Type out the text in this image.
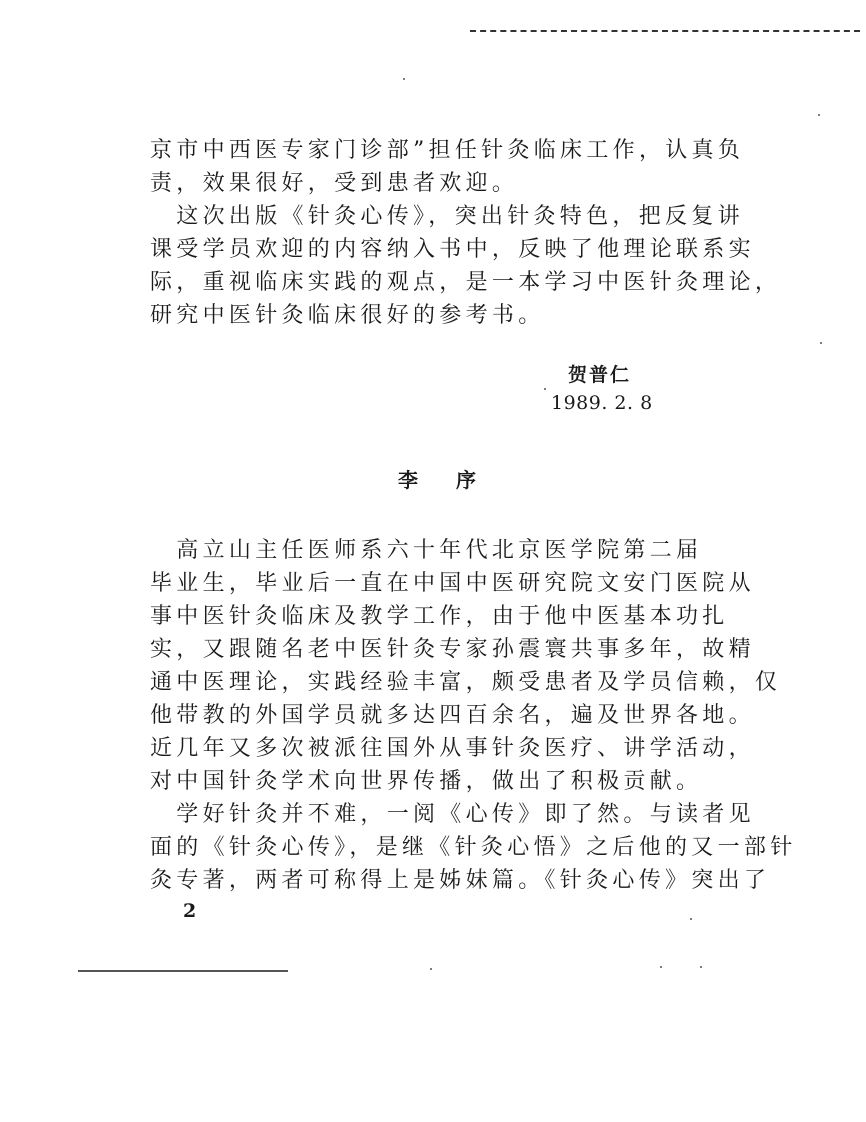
京市中西医专家门诊部”担任针灸临床工作，认真负
责，效果很好，受到患者欢迎。
　这次出版《针灸心传》，突出针灸特色，把反复讲
课受学员欢迎的内容纳入书中，反映了他理论联系实
际，重视临床实践的观点，是一本学习中医针灸理论，
研究中医针灸临床很好的参考书。
贺普仁
1989. 2. 8
李序
　高立山主任医师系六十年代北京医学院第二届
毕业生，毕业后一直在中国中医研究院文安门医院从
事中医针灸临床及教学工作，由于他中医基本功扎
实，又跟随名老中医针灸专家孙震寰共事多年，故精
通中医理论，实践经验丰富，颇受患者及学员信赖，仅
他带教的外国学员就多达四百余名，遍及世界各地。
近几年又多次被派往国外从事针灸医疗、讲学活动，
对中国针灸学术向世界传播，做出了积极贡献。
　学好针灸并不难，一阅《心传》即了然。与读者见
面的《针灸心传》，是继《针灸心悟》之后他的又一部针
灸专著，两者可称得上是姊妹篇。《针灸心传》突出了
2
